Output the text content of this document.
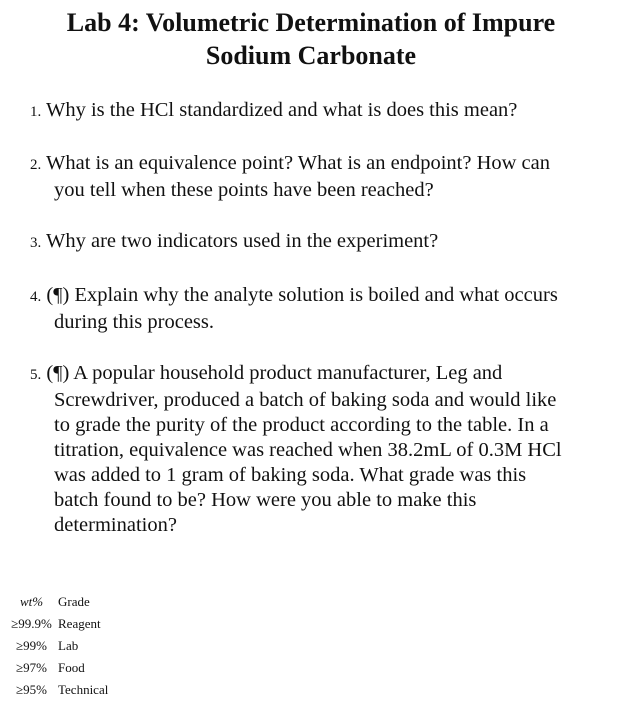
Lab 4: Volumetric Determination of Impure
Sodium Carbonate
1. Why is the HCl standardized and what is does this mean?
2. What is an equivalence point? What is an endpoint? How can
you tell when these points have been reached?
3. Why are two indicators used in the experiment?
4. (¶) Explain why the analyte solution is boiled and what occurs
during this process.
5. (¶) A popular household product manufacturer, Leg and
Screwdriver, produced a batch of baking soda and would like
to grade the purity of the product according to the table. In a
titration, equivalence was reached when 38.2mL of 0.3M HCl
was added to 1 gram of baking soda. What grade was this
batch found to be? How were you able to make this
determination?
wt%	Grade
≥99.9%	Reagent
≥99%	Lab
≥97%	Food
≥95%	Technical
